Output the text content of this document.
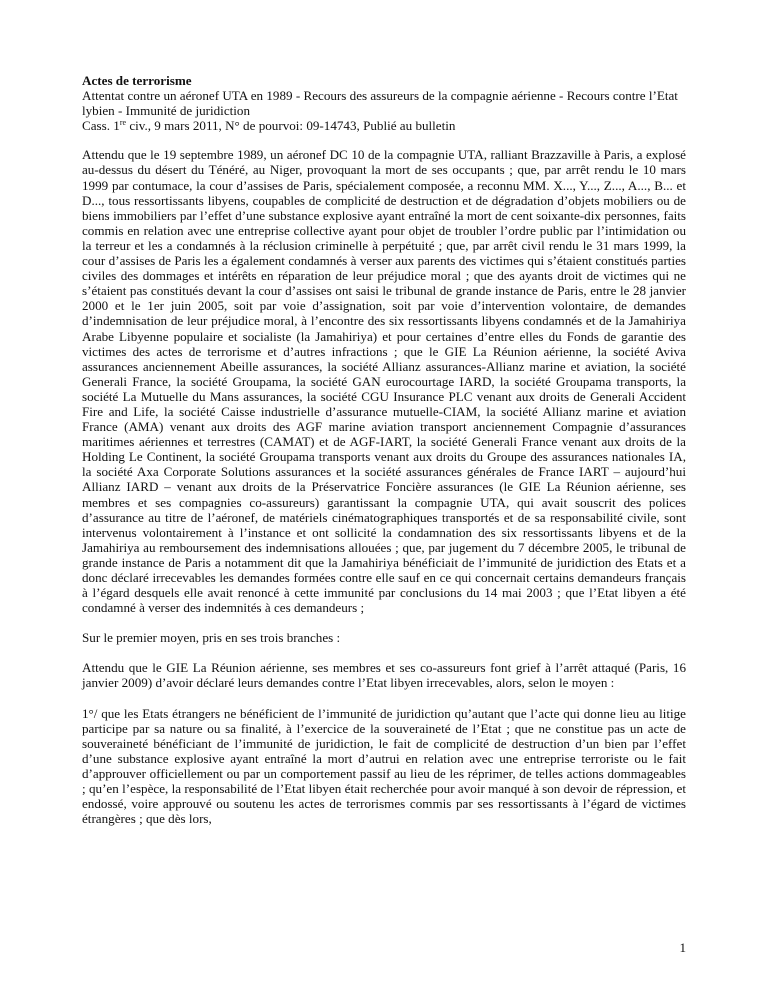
Actes de terrorisme
Attentat contre un aéronef UTA en 1989 - Recours des assureurs de la compagnie aérienne - Recours contre l’Etat lybien - Immunité de juridiction
Cass. 1re civ., 9 mars 2011, N° de pourvoi: 09-14743, Publié au bulletin

Attendu que le 19 septembre 1989, un aéronef DC 10 de la compagnie UTA, ralliant Brazzaville à Paris, a explosé au-dessus du désert du Ténéré, au Niger, provoquant la mort de ses occupants ; que, par arrêt rendu le 10 mars 1999 par contumace, la cour d’assises de Paris, spécialement composée, a reconnu MM. X..., Y..., Z..., A..., B... et D..., tous ressortissants libyens, coupables de complicité de destruction et de dégradation d’objets mobiliers ou de biens immobiliers par l’effet d’une substance explosive ayant entraîné la mort de cent soixante-dix personnes, faits commis en relation avec une entreprise collective ayant pour objet de troubler l’ordre public par l’intimidation ou la terreur et les a condamnés à la réclusion criminelle à perpétuité ; que, par arrêt civil rendu le 31 mars 1999, la cour d’assises de Paris les a également condamnés à verser aux parents des victimes qui s’étaient constitués parties civiles des dommages et intérêts en réparation de leur préjudice moral ; que des ayants droit de victimes qui ne s’étaient pas constitués devant la cour d’assises ont saisi le tribunal de grande instance de Paris, entre le 28 janvier 2000 et le 1er juin 2005, soit par voie d’assignation, soit par voie d’intervention volontaire, de demandes d’indemnisation de leur préjudice moral, à l’encontre des six ressortissants libyens condamnés et de la Jamahiriya Arabe Libyenne populaire et socialiste (la Jamahiriya) et pour certaines d’entre elles du Fonds de garantie des victimes des actes de terrorisme et d’autres infractions ; que le GIE La Réunion aérienne, la société Aviva assurances anciennement Abeille assurances, la société Allianz assurances-Allianz marine et aviation, la société Generali France, la société Groupama, la société GAN eurocourtage IARD, la société Groupama transports, la société La Mutuelle du Mans assurances, la société CGU Insurance PLC venant aux droits de Generali Accident Fire and Life, la société Caisse industrielle d’assurance mutuelle-CIAM, la société Allianz marine et aviation France (AMA) venant aux droits des AGF marine aviation transport anciennement Compagnie d’assurances maritimes aériennes et terrestres (CAMAT) et de AGF-IART, la société Generali France venant aux droits de la Holding Le Continent, la société Groupama transports venant aux droits du Groupe des assurances nationales IA, la société Axa Corporate Solutions assurances et la société assurances générales de France IART – aujourd’hui Allianz IARD – venant aux droits de la Préservatrice Foncière assurances (le GIE La Réunion aérienne, ses membres et ses compagnies co-assureurs) garantissant la compagnie UTA, qui avait souscrit des polices d’assurance au titre de l’aéronef, de matériels cinématographiques transportés et de sa responsabilité civile, sont intervenus volontairement à l’instance et ont sollicité la condamnation des six ressortissants libyens et de la Jamahiriya au remboursement des indemnisations allouées ; que, par jugement du 7 décembre 2005, le tribunal de grande instance de Paris a notamment dit que la Jamahiriya bénéficiait de l’immunité de juridiction des Etats et a donc déclaré irrecevables les demandes formées contre elle sauf en ce qui concernait certains demandeurs français à l’égard desquels elle avait renoncé à cette immunité par conclusions du 14 mai 2003 ; que l’Etat libyen a été condamné à verser des indemnités à ces demandeurs ;

Sur le premier moyen, pris en ses trois branches :

Attendu que le GIE La Réunion aérienne, ses membres et ses co-assureurs font grief à l’arrêt attaqué (Paris, 16 janvier 2009) d’avoir déclaré leurs demandes contre l’Etat libyen irrecevables, alors, selon le moyen :

1°/ que les Etats étrangers ne bénéficient de l’immunité de juridiction qu’autant que l’acte qui donne lieu au litige participe par sa nature ou sa finalité, à l’exercice de la souveraineté de l’Etat ; que ne constitue pas un acte de souveraineté bénéficiant de l’immunité de juridiction, le fait de complicité de destruction d’un bien par l’effet d’une substance explosive ayant entraîné la mort d’autrui en relation avec une entreprise terroriste ou le fait d’approuver officiellement ou par un comportement passif au lieu de les réprimer, de telles actions dommageables ; qu’en l’espèce, la responsabilité de l’Etat libyen était recherchée pour avoir manqué à son devoir de répression, et endossé, voire approuvé ou soutenu les actes de terrorismes commis par ses ressortissants à l’égard de victimes étrangères ; que dès lors,

1
